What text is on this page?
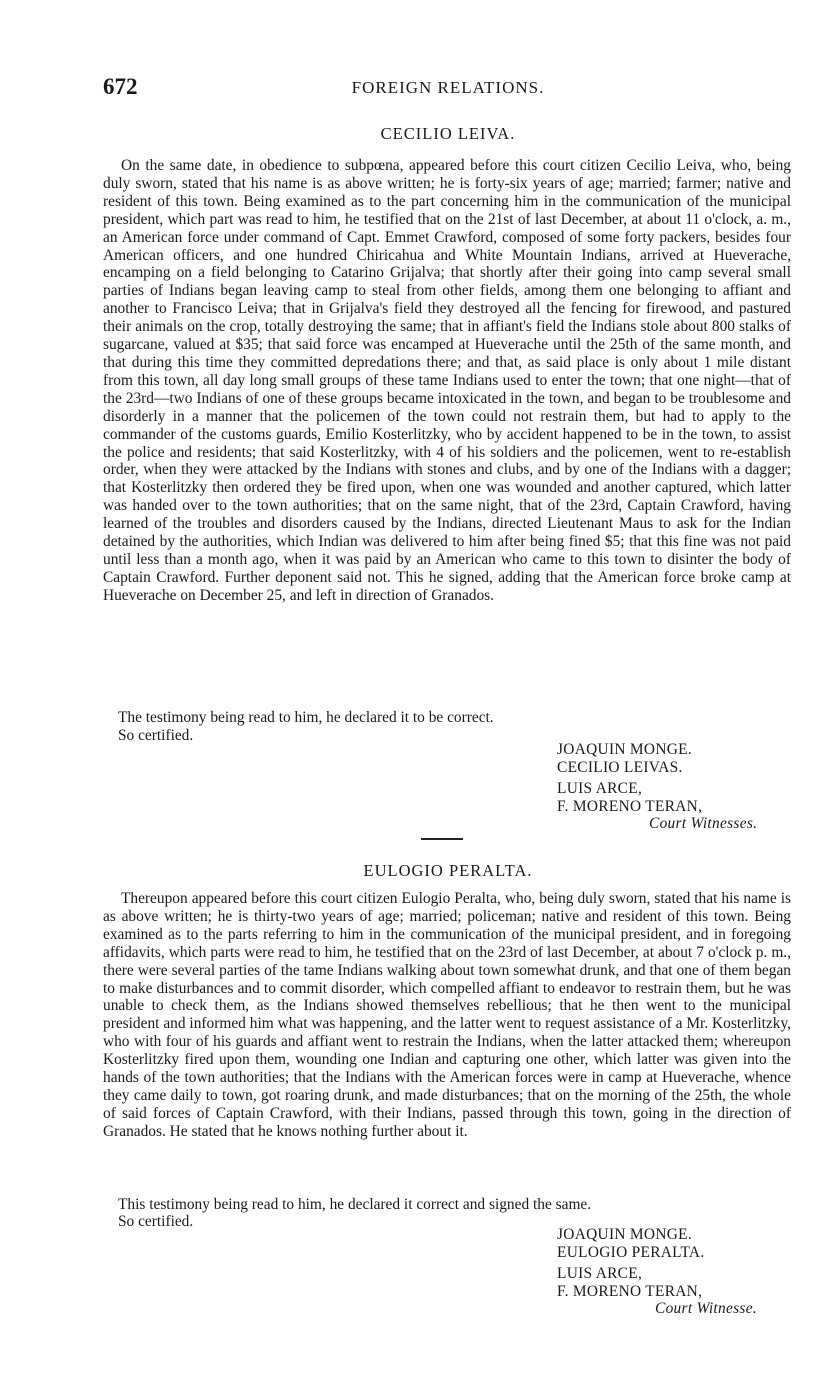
672	FOREIGN RELATIONS.
CECILIO LEIVA.

On the same date, in obedience to subpœna, appeared before this court citizen Cecilio Leiva, who, being duly sworn, stated that his name is as above written; he is forty-six years of age; married; farmer; native and resident of this town. Being examined as to the part concerning him in the communication of the municipal president, which part was read to him, he testified that on the 21st of last December, at about 11 o'clock, a. m., an American force under command of Capt. Emmet Crawford, composed of some forty packers, besides four American officers, and one hundred Chiricahua and White Mountain Indians, arrived at Hueverache, encamping on a field belonging to Catarino Grijalva; that shortly after their going into camp several small parties of Indians began leaving camp to steal from other fields, among them one belonging to affiant and another to Francisco Leiva; that in Grijalva's field they destroyed all the fencing for firewood, and pastured their animals on the crop, totally destroying the same; that in affiant's field the Indians stole about 800 stalks of sugarcane, valued at $35; that said force was encamped at Hueverache until the 25th of the same month, and that during this time they committed depredations there; and that, as said place is only about 1 mile distant from this town, all day long small groups of these tame Indians used to enter the town; that one night—that of the 23rd—two Indians of one of these groups became intoxicated in the town, and began to be troublesome and disorderly in a manner that the policemen of the town could not restrain them, but had to apply to the commander of the customs guards, Emilio Kosterlitzky, who by accident happened to be in the town, to assist the police and residents; that said Kosterlitzky, with 4 of his soldiers and the policemen, went to re-establish order, when they were attacked by the Indians with stones and clubs, and by one of the Indians with a dagger; that Kosterlitzky then ordered they be fired upon, when one was wounded and another captured, which latter was handed over to the town authorities; that on the same night, that of the 23rd, Captain Crawford, having learned of the troubles and disorders caused by the Indians, directed Lieutenant Maus to ask for the Indian detained by the authorities, which Indian was delivered to him after being fined $5; that this fine was not paid until less than a month ago, when it was paid by an American who came to this town to disinter the body of Captain Crawford. Further deponent said not. This he signed, adding that the American force broke camp at Hueverache on December 25, and left in direction of Granados.

The testimony being read to him, he declared it to be correct.
So certified.
JOAQUIN MONGE.
CECILIO LEIVAS.
LUIS ARCE,
F. MORENO TERAN,
Court Witnesses.
EULOGIO PERALTA.

Thereupon appeared before this court citizen Eulogio Peralta, who, being duly sworn, stated that his name is as above written; he is thirty-two years of age; married; policeman; native and resident of this town. Being examined as to the parts referring to him in the communication of the municipal president, and in foregoing affidavits, which parts were read to him, he testified that on the 23rd of last December, at about 7 o'clock p. m., there were several parties of the tame Indians walking about town somewhat drunk, and that one of them began to make disturbances and to commit disorder, which compelled affiant to endeavor to restrain them, but he was unable to check them, as the Indians showed themselves rebellious; that he then went to the municipal president and informed him what was happening, and the latter went to request assistance of a Mr. Kosterlitzky, who with four of his guards and affiant went to restrain the Indians, when the latter attacked them; whereupon Kosterlitzky fired upon them, wounding one Indian and capturing one other, which latter was given into the hands of the town authorities; that the Indians with the American forces were in camp at Hueverache, whence they came daily to town, got roaring drunk, and made disturbances; that on the morning of the 25th, the whole of said forces of Captain Crawford, with their Indians, passed through this town, going in the direction of Granados. He stated that he knows nothing further about it.

This testimony being read to him, he declared it correct and signed the same.
So certified.
JOAQUIN MONGE.
EULOGIO PERALTA.
LUIS ARCE,
F. MORENO TERAN,
Court Witnesse.
